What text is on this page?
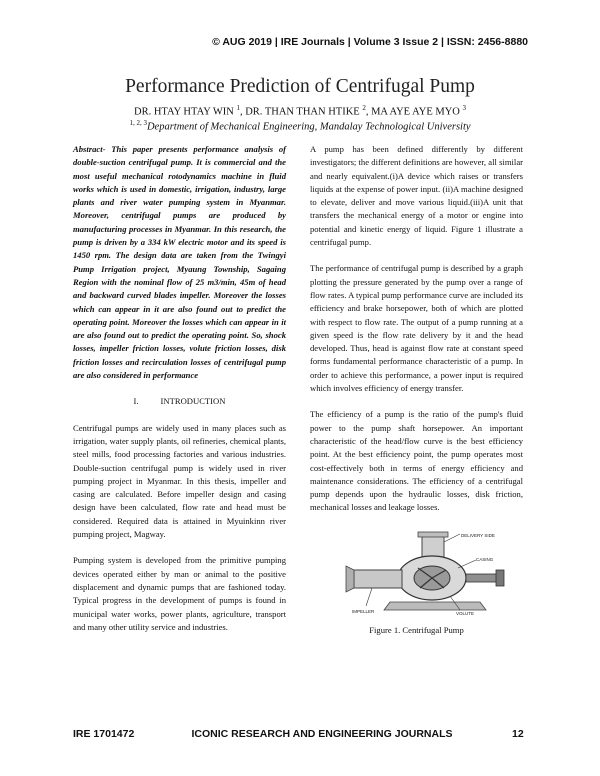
© AUG 2019 | IRE Journals | Volume 3 Issue 2 | ISSN: 2456-8880
Performance Prediction of Centrifugal Pump
DR. HTAY HTAY WIN $^1$, DR. THAN THAN HTIKE $^2$, MA AYE AYE MYO $^3$
$^{1, 2, 3}$Department of Mechanical Engineering, Mandalay Technological University

Abstract- This paper presents performance analysis of double-suction centrifugal pump. It is commercial and the most useful mechanical rotodynamics machine in fluid works which is used in domestic, irrigation, industry, large plants and river water pumping system in Myanmar. Moreover, centrifugal pumps are produced by manufacturing processes in Myanmar. In this research, the pump is driven by a 334 kW electric motor and its speed is 1450 rpm. The design data are taken from the Twingyi Pump Irrigation project, Myaung Township, Sagaing Region with the nominal flow of 25 m3/min, 45m of head and backward curved blades impeller. Moreover the losses which can appear in it are also found out to predict the operating point. Moreover the losses which can appear in it are also found out to predict the operating point. So, shock losses, impeller friction losses, volute friction losses, disk friction losses and recirculation losses of centrifugal pump are also considered in performance

I.	INTRODUCTION

Centrifugal pumps are widely used in many places such as irrigation, water supply plants, oil refineries, chemical plants, steel mills, food processing factories and various industries. Double-suction centrifugal pump is widely used in river pumping project in Myanmar. In this thesis, impeller and casing are calculated. Before impeller design and casing design have been calculated, flow rate and head must be considered. Required data is attained in Myuinkinn river pumping project, Magway.

Pumping system is developed from the primitive pumping devices operated either by man or animal to the positive displacement and dynamic pumps that are fashioned today. Typical progress in the development of pumps is found in municipal water works, power plants, agriculture, transport and many other utility service and industries.

A pump has been defined differently by different investigators; the different definitions are however, all similar and nearly equivalent.(i)A device which raises or transfers liquids at the expense of power input. (ii)A machine designed to elevate, deliver and move various liquid.(iii)A unit that transfers the mechanical energy of a motor or engine into potential and kinetic energy of liquid. Figure 1 illustrate a centrifugal pump.

The performance of centrifugal pump is described by a graph plotting the pressure generated by the pump over a range of flow rates. A typical pump performance curve are included its efficiency and brake horsepower, both of which are plotted with respect to flow rate. The output of a pump running at a given speed is the flow rate delivery by it and the head developed. Thus, head is against flow rate at constant speed forms fundamental performance characteristic of a pump. In order to achieve this performance, a power input is required which involves efficiency of energy transfer.

The efficiency of a pump is the ratio of the pump's fluid power to the pump shaft horsepower. An important characteristic of the head/flow curve is the best efficiency point. At the best efficiency point, the pump operates most cost-effectively both in terms of energy efficiency and maintenance considerations. The efficiency of a centrifugal pump depends upon the hydraulic losses, disk friction, mechanical losses and leakage losses.

DELIVERY SIDE
CASING
IMPELLER	VOLUTE
Figure 1. Centrifugal Pump
IRE 1701472	ICONIC RESEARCH AND ENGINEERING JOURNALS	12
